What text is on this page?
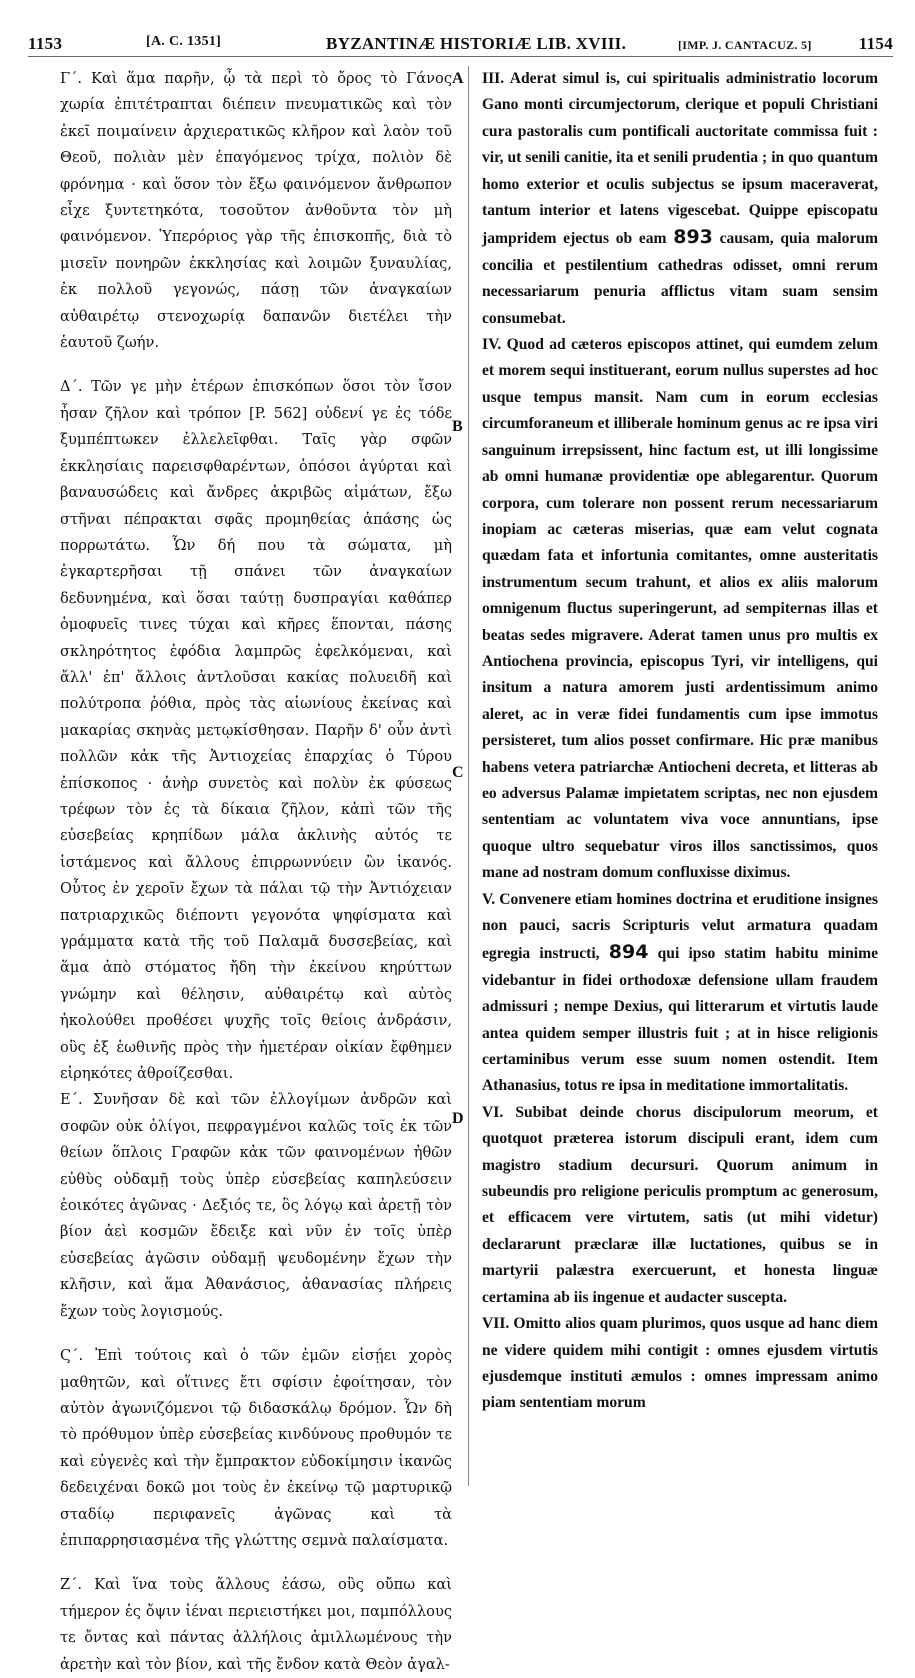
1153	[A. C. 1351]	BYZANTINÆ HISTORIÆ LIB. XVIII.	[IMP. J. CANTACUZ. 5]	1154

Γ΄. Καὶ ἅμα παρῆν, ᾧ τὰ περὶ τὸ ὄρος τὸ Γάνος χωρία ἐπιτέτραπται διέπειν πνευματικῶς καὶ τὸν ἐκεῖ ποιμαίνειν ἀρχιερατικῶς κλῆρον καὶ λαὸν τοῦ Θεοῦ, πολιὰν μὲν ἐπαγόμενος τρίχα, πολιὸν δὲ φρόνημα · καὶ ὅσον τὸν ἔξω φαινόμενον ἄνθρωπον εἶχε ξυντετηκότα, τοσοῦτον ἀνθοῦντα τὸν μὴ φαινόμενον. Ὑπερόριος γὰρ τῆς ἐπισκοπῆς, διὰ τὸ μισεῖν πονηρῶν ἐκκλησίας καὶ λοιμῶν ξυναυλίας, ἐκ πολλοῦ γεγονώς, πάσῃ τῶν ἀναγκαίων αὐθαιρέτῳ στενοχωρίᾳ δαπανῶν διετέλει τὴν ἑαυτοῦ ζωήν.

Δ΄. Τῶν γε μὴν ἑτέρων ἐπισκόπων ὅσοι τὸν ἴσον ἦσαν ζῆλον καὶ τρόπον [P. 562] οὐδενί γε ἐς τόδε ξυμπέπτωκεν ἐλλελεῖφθαι. Ταῖς γὰρ σφῶν ἐκκλησίαις παρεισφθαρέντων, ὁπόσοι ἀγύρται καὶ βαναυσώδεις καὶ ἄνδρες ἀκριβῶς αἱμάτων, ἔξω στῆναι πέπρακται σφᾶς προμηθείας ἁπάσης ὡς πορρωτάτω. Ὧν δή που τὰ σώματα, μὴ ἐγκαρτερῆσαι τῇ σπάνει τῶν ἀναγκαίων δεδυνημένα, καὶ ὅσαι ταύτῃ δυσπραγίαι καθάπερ ὁμοφυεῖς τινες τύχαι καὶ κῆρες ἕπονται, πάσης σκληρότητος ἐφόδια λαμπρῶς ἐφελκόμεναι, καὶ ἄλλ' ἐπ' ἄλλοις ἀντλοῦσαι κακίας πολυειδῆ καὶ πολύτροπα ῥόθια, πρὸς τὰς αἰωνίους ἐκείνας καὶ μακαρίας σκηνὰς μετῳκίσθησαν. Παρῆν δ' οὖν ἀντὶ πολλῶν κἀκ τῆς Ἀντιοχείας ἐπαρχίας ὁ Τύρου ἐπίσκοπος · ἀνὴρ συνετὸς καὶ πολὺν ἐκ φύσεως τρέφων τὸν ἐς τὰ δίκαια ζῆλον, κἀπὶ τῶν τῆς εὐσεβείας κρηπίδων μάλα ἀκλινὴς αὐτός τε ἱστάμενος καὶ ἄλλους ἐπιρρωννύειν ὢν ἱκανός. Οὗτος ἐν χεροῖν ἔχων τὰ πάλαι τῷ τὴν Ἀντιόχειαν πατριαρχικῶς διέποντι γεγονότα ψηφίσματα καὶ γράμματα κατὰ τῆς τοῦ Παλαμᾶ δυσσεβείας, καὶ ἅμα ἀπὸ στόματος ἤδη τὴν ἐκείνου κηρύττων γνώμην καὶ θέλησιν, αὐθαιρέτῳ καὶ αὐτὸς ἠκολούθει προθέσει ψυχῆς τοῖς θείοις ἀνδράσιν, οὓς ἐξ ἑωθινῆς πρὸς τὴν ἡμετέραν οἰκίαν ἔφθημεν εἰρηκότες ἀθροίζεσθαι.

Ε΄. Συνῆσαν δὲ καὶ τῶν ἐλλογίμων ἀνδρῶν καὶ σοφῶν οὐκ ὀλίγοι, πεφραγμένοι καλῶς τοῖς ἐκ τῶν θείων ὅπλοις Γραφῶν κἀκ τῶν φαινομένων ἠθῶν εὐθὺς οὐδαμῇ τοὺς ὑπὲρ εὐσεβείας καπηλεύσειν ἐοικότες ἀγῶνας · Δεξιός τε, ὃς λόγῳ καὶ ἀρετῇ τὸν βίον ἀεὶ κοσμῶν ἔδειξε καὶ νῦν ἐν τοῖς ὑπὲρ εὐσεβείας ἀγῶσιν οὐδαμῇ ψευδομένην ἔχων τὴν κλῆσιν, καὶ ἅμα Ἀθανάσιος, ἀθανασίας πλήρεις ἔχων τοὺς λογισμούς.

Ϛ΄. Ἐπὶ τούτοις καὶ ὁ τῶν ἐμῶν εἰσῄει χορὸς μαθητῶν, καὶ οἵτινες ἔτι σφίσιν ἐφοίτησαν, τὸν αὐτὸν ἀγωνιζόμενοι τῷ διδασκάλῳ δρόμον. Ὧν δὴ τὸ πρόθυμον ὑπὲρ εὐσεβείας κινδύνους προθυμόν τε καὶ εὐγενὲς καὶ τὴν ἔμπρακτον εὐδοκίμησιν ἱκανῶς δεδειχέναι δοκῶ μοι τοὺς ἐν ἐκείνῳ τῷ μαρτυρικῷ σταδίῳ περιφανεῖς ἀγῶνας καὶ τὰ ἐπιπαρρησιασμένα τῆς γλώττης σεμνὰ παλαίσματα.

Ζ΄. Καὶ ἵνα τοὺς ἄλλους ἐάσω, οὓς οὔπω καὶ τήμερον ἐς ὄψιν ἰέναι περιειστήκει μοι, παμπόλλους τε ὄντας καὶ πάντας ἀλλήλοις ἁμιλλωμένους τὴν ἀρετὴν καὶ τὸν βίον, καὶ τῆς ἔνδον κατὰ Θεὸν ἀγαλ-

A
B
C
D

III. Aderat simul is, cui spiritualis administratio locorum Gano monti circumjectorum, clerique et populi Christiani cura pastoralis cum pontificali auctoritate commissa fuit : vir, ut senili canitie, ita et senili prudentia ; in quo quantum homo exterior et oculis subjectus se ipsum maceraverat, tantum interior et latens vigescebat. Quippe episcopatu jampridem ejectus ob eam 893 causam, quia malorum concilia et pestilentium cathedras odisset, omni rerum necessariarum penuria afflictus vitam suam sensim consumebat.

IV. Quod ad cæteros episcopos attinet, qui eumdem zelum et morem sequi instituerant, eorum nullus superstes ad hoc usque tempus mansit. Nam cum in eorum ecclesias circumforaneum et illiberale hominum genus ac re ipsa viri sanguinum irrepsissent, hinc factum est, ut illi longissime ab omni humanæ providentiæ ope ablegarentur. Quorum corpora, cum tolerare non possent rerum necessariarum inopiam ac cæteras miserias, quæ eam velut cognata quædam fata et infortunia comitantes, omne austeritatis instrumentum secum trahunt, et alios ex aliis malorum omnigenum fluctus superingerunt, ad sempiternas illas et beatas sedes migravere. Aderat tamen unus pro multis ex Antiochena provincia, episcopus Tyri, vir intelligens, qui insitum a natura amorem justi ardentissimum animo aleret, ac in veræ fidei fundamentis cum ipse immotus persisteret, tum alios posset confirmare. Hic præ manibus habens vetera patriarchæ Antiocheni decreta, et litteras ab eo adversus Palamæ impietatem scriptas, nec non ejusdem sententiam ac voluntatem viva voce annuntians, ipse quoque ultro sequebatur viros illos sanctissimos, quos mane ad nostram domum confluxisse diximus.

V. Convenere etiam homines doctrina et eruditione insignes non pauci, sacris Scripturis velut armatura quadam egregia instructi, 894 qui ipso statim habitu minime videbantur in fidei orthodoxæ defensione ullam fraudem admissuri ; nempe Dexius, qui litterarum et virtutis laude antea quidem semper illustris fuit ; at in hisce religionis certaminibus verum esse suum nomen ostendit. Item Athanasius, totus re ipsa in meditatione immortalitatis.

VI. Subibat deinde chorus discipulorum meorum, et quotquot præterea istorum discipuli erant, idem cum magistro stadium decursuri. Quorum animum in subeundis pro religione periculis promptum ac generosum, et efficacem vere virtutem, satis (ut mihi videtur) declararunt præclaræ illæ luctationes, quibus se in martyrii palæstra exercuerunt, et honesta linguæ certamina ab iis ingenue et audacter suscepta.

VII. Omitto alios quam plurimos, quos usque ad hanc diem ne videre quidem mihi contigit : omnes ejusdem virtutis ejusdemque instituti æmulos : omnes impressam animo piam sententiam morum
